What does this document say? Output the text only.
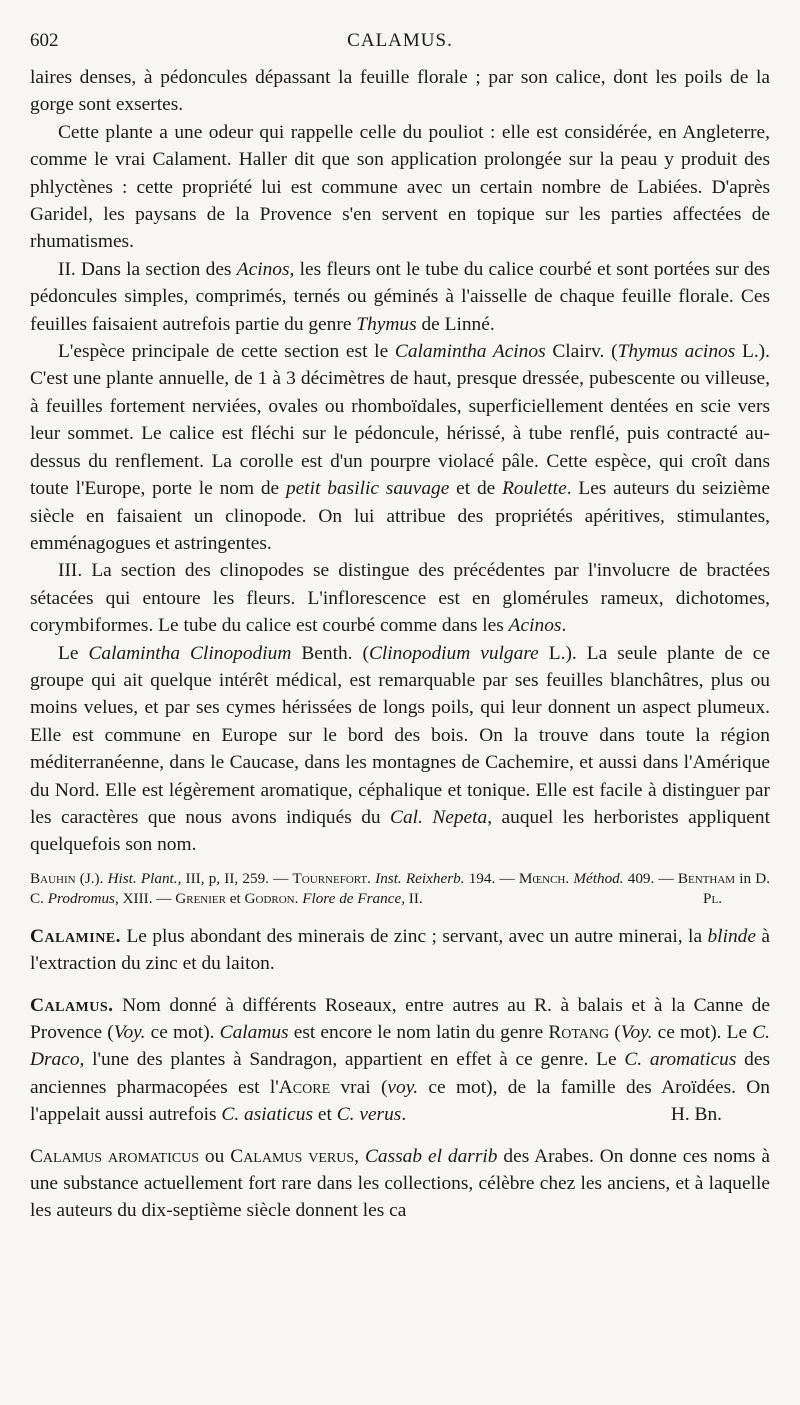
602	CALAMUS.

laires denses, à pédoncules dépassant la feuille florale ; par son calice, dont les poils de la gorge sont exsertes.

Cette plante a une odeur qui rappelle celle du pouliot : elle est considérée, en Angleterre, comme le vrai Calament. Haller dit que son application prolongée sur la peau y produit des phlyctènes : cette propriété lui est commune avec un certain nombre de Labiées. D'après Garidel, les paysans de la Provence s'en servent en topique sur les parties affectées de rhumatismes.

II. Dans la section des Acinos, les fleurs ont le tube du calice courbé et sont portées sur des pédoncules simples, comprimés, ternés ou géminés à l'aisselle de chaque feuille florale. Ces feuilles faisaient autrefois partie du genre Thymus de Linné.

L'espèce principale de cette section est le Calamintha Acinos Clairv. (Thymus acinos L.). C'est une plante annuelle, de 1 à 3 décimètres de haut, presque dressée, pubescente ou villeuse, à feuilles fortement nerviées, ovales ou rhomboïdales, superficiellement dentées en scie vers leur sommet. Le calice est fléchi sur le pédoncule, hérissé, à tube renflé, puis contracté au-dessus du renflement. La corolle est d'un pourpre violacé pâle. Cette espèce, qui croît dans toute l'Europe, porte le nom de petit basilic sauvage et de Roulette. Les auteurs du seizième siècle en faisaient un clinopode. On lui attribue des propriétés apéritives, stimulantes, emménagogues et astringentes.

III. La section des clinopodes se distingue des précédentes par l'involucre de bractées sétacées qui entoure les fleurs. L'inflorescence est en glomérules rameux, dichotomes, corymbiformes. Le tube du calice est courbé comme dans les Acinos.

Le Calamintha Clinopodium Benth. (Clinopodium vulgare L.). La seule plante de ce groupe qui ait quelque intérêt médical, est remarquable par ses feuilles blanchâtres, plus ou moins velues, et par ses cymes hérissées de longs poils, qui leur donnent un aspect plumeux. Elle est commune en Europe sur le bord des bois. On la trouve dans toute la région méditerranéenne, dans le Caucase, dans les montagnes de Cachemire, et aussi dans l'Amérique du Nord. Elle est légèrement aromatique, céphalique et tonique. Elle est facile à distinguer par les caractères que nous avons indiqués du Cal. Nepeta, auquel les herboristes appliquent quelquefois son nom.

Bauhin (J.). Hist. Plant., III, p, II, 259. — Tournefort. Inst. Reixherb. 194. — Mœnch. Méthod. 409. — Bentham in D. C. Prodromus, XIII. — Grenier et Godron. Flore de France, II.	Pl.

Calamine. Le plus abondant des minerais de zinc ; servant, avec un autre minerai, la blinde à l'extraction du zinc et du laiton.

Calamus. Nom donné à différents Roseaux, entre autres au R. à balais et à la Canne de Provence (Voy. ce mot). Calamus est encore le nom latin du genre Rotang (Voy. ce mot). Le C. Draco, l'une des plantes à Sandragon, appartient en effet à ce genre. Le C. aromaticus des anciennes pharmacopées est l'Acore vrai (voy. ce mot), de la famille des Aroïdées. On l'appelait aussi autrefois C. asiaticus et C. verus.	H. Bn.

Calamus aromaticus ou Calamus verus, Cassab el darrib des Arabes. On donne ces noms à une substance actuellement fort rare dans les collections, célèbre chez les anciens, et à laquelle les auteurs du dix-septième siècle donnent les ca
